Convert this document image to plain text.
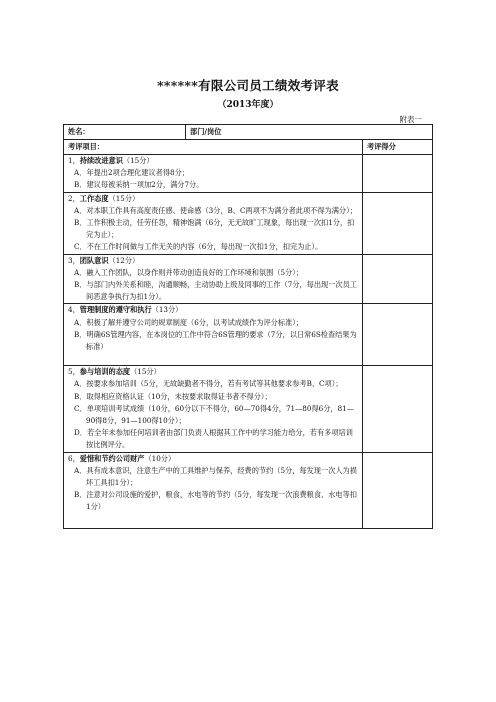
******有限公司员工绩效考评表
（2013年度）
附表一
姓名：	部门/岗位	
考评项目：		考评得分

1，持续改进意识（15分）
A．年提出2项合理化建议者得8分；
B．建议每被采纳一项加2分，满分7分。		

2，工作态度（15分）
A．对本职工作具有高度责任感、使命感（3分，B、C两项不为满分者此项不得为满分）；
B．工作积极主动，任劳任怨，精神饱满（6分，无无故旷工现象，每出现一次扣1分，扣完为止）；
C．不在工作时间做与工作无关的内容（6分，每出现一次扣1分，扣完为止）。		

3，团队意识（12分）
A．融入工作团队，以身作则并带动创造良好的工作环境和氛围（5分）；
B．与部门内外关系和睦，沟通顺畅，主动协助上级及同事的工作（7分，每出现一次员工间恶意争执行为扣1分）。		

4，管理制度的遵守和执行（13分）
A．积极了解并遵守公司的规章制度（6分，以考试成绩作为评分标准）；
B．明确6S管理内容，在本岗位的工作中符合6S管理的要求（7分，以日常6S检查结果为标准）		

5，参与培训的态度（15分）
A．按要求参加培训（5分，无故缺勤者不得分，若有考试等其他要求参考B、C项）；
B．取得相应资格认证（10分，未按要求取得证书者不得分）；
C．单项培训考试成绩（10分，60分以下不得分，60—70得4分，71—80得6分，81—90得8分，91—100得10分）；
D．若全年未参加任何培训者由部门负责人根据其工作中的学习能力给分，若有多项培训按比例评分。		

6，爱惜和节约公司财产（10分）
A．具有成本意识，注意生产中的工具维护与保养，经费的节约（5分，每发现一次人为损坏工具扣1分）；
B．注意对公司设施的爱护，粮食，水电等的节约（5分，每发现一次浪费粮食、水电等扣1分）		
